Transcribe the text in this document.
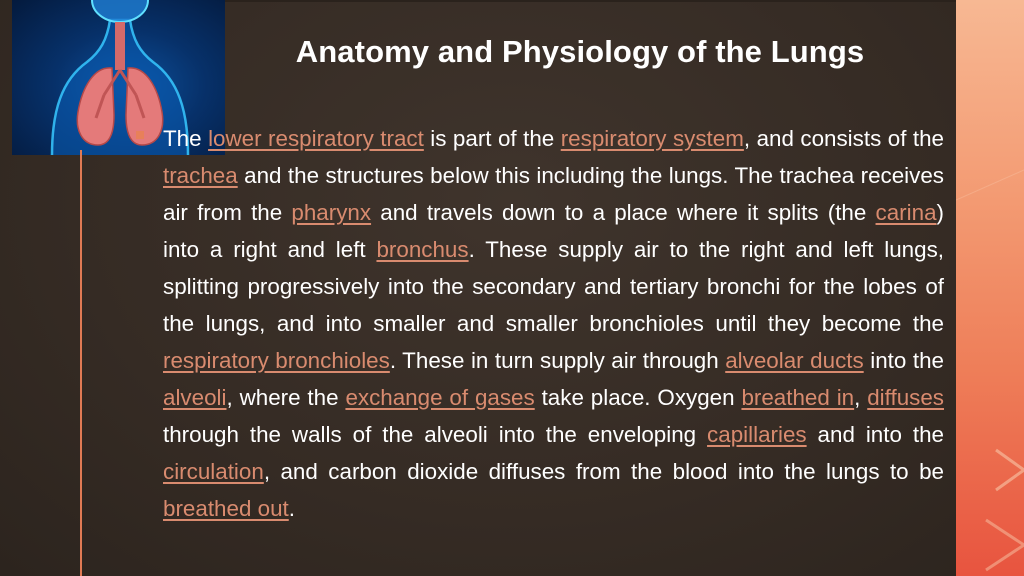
Anatomy and Physiology of the Lungs

The lower respiratory tract is part of the respiratory system, and consists of the trachea and the structures below this including the lungs. The trachea receives air from the pharynx and travels down to a place where it splits (the carina) into a right and left bronchus. These supply air to the right and left lungs, splitting progressively into the secondary and tertiary bronchi for the lobes of the lungs, and into smaller and smaller bronchioles until they become the respiratory bronchioles. These in turn supply air through alveolar ducts into the alveoli, where the exchange of gases take place. Oxygen breathed in, diffuses through the walls of the alveoli into the enveloping capillaries and into the circulation, and carbon dioxide diffuses from the blood into the lungs to be breathed out.
